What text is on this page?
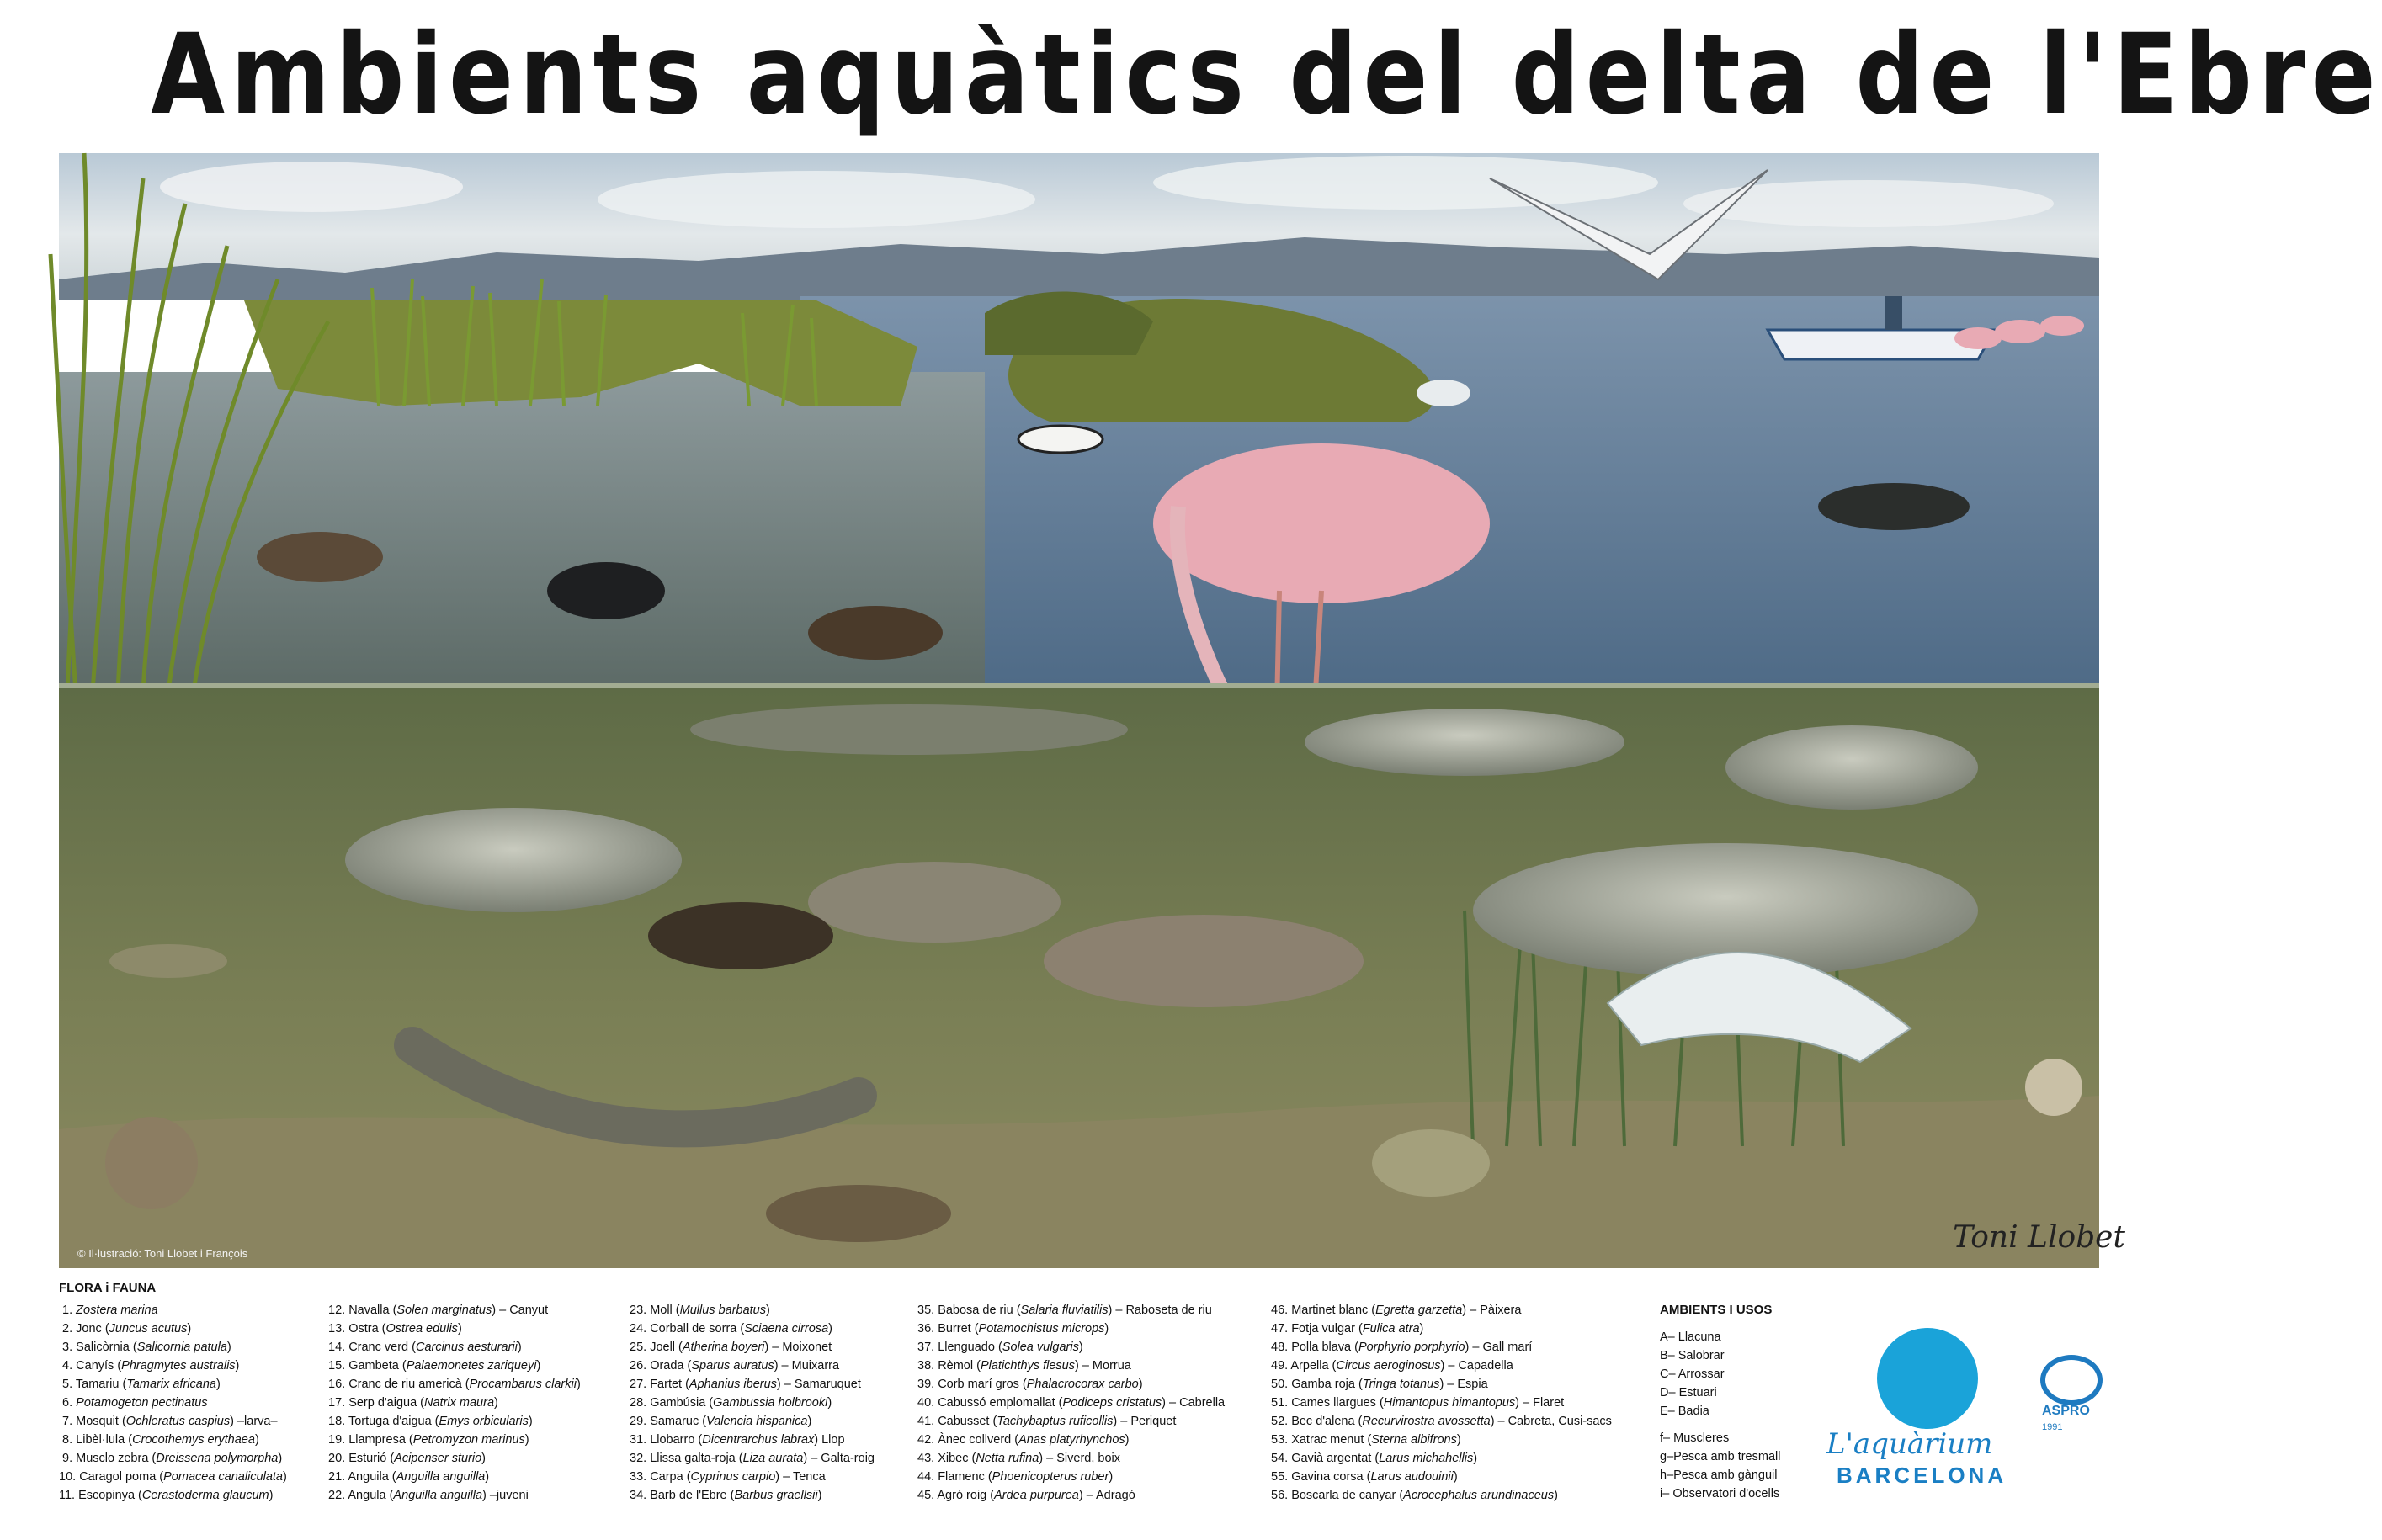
Ambients aquàtics del delta de l'Ebre
Toni Llobet
© Il·lustració: Toni Llobet i François
FLORA i FAUNA
1. Zostera marina
2. Jonc (Juncus acutus)
3. Salicòrnia (Salicornia patula)
4. Canyís (Phragmytes australis)
5. Tamariu (Tamarix africana)
6. Potamogeton pectinatus
7. Mosquit (Ochleratus caspius) –larva–
8. Libèl·lula (Crocothemys erythaea)
9. Musclo zebra (Dreissena polymorpha)
10. Caragol poma (Pomacea canaliculata)
11. Escopinya (Cerastoderma glaucum)
12. Navalla (Solen marginatus) – Canyut
13. Ostra (Ostrea edulis)
14. Cranc verd (Carcinus aesturarii)
15. Gambeta (Palaemonetes zariqueyi)
16. Cranc de riu americà (Procambarus clarkii)
17. Serp d'aigua (Natrix maura)
18. Tortuga d'aigua (Emys orbicularis)
19. Llampresa (Petromyzon marinus)
20. Esturió (Acipenser sturio)
21. Anguila (Anguilla anguilla)
22. Angula (Anguilla anguilla) –juveni
23. Moll (Mullus barbatus)
24. Corball de sorra (Sciaena cirrosa)
25. Joell (Atherina boyeri) – Moixonet
26. Orada (Sparus auratus) – Muixarra
27. Fartet (Aphanius iberus) – Samaruquet
28. Gambúsia (Gambussia holbrooki)
29. Samaruc (Valencia hispanica)
31. Llobarro (Dicentrarchus labrax) Llop
32. Llissa galta-roja (Liza aurata) – Galta-roig
33. Carpa (Cyprinus carpio) – Tenca
34. Barb de l'Ebre (Barbus graellsii)
35. Babosa de riu (Salaria fluviatilis) – Raboseta de riu
36. Burret (Potamochistus microps)
37. Llenguado (Solea vulgaris)
38. Rèmol (Platichthys flesus) – Morrua
39. Corb marí gros (Phalacrocorax carbo)
40. Cabussó emplomallat (Podiceps cristatus) – Cabrella
41. Cabusset (Tachybaptus ruficollis) – Periquet
42. Ànec collverd (Anas platyrhynchos)
43. Xibec (Netta rufina) – Siverd, boix
44. Flamenc (Phoenicopterus ruber)
45. Agró roig (Ardea purpurea) – Adragó
46. Martinet blanc (Egretta garzetta) – Pàixera
47. Fotja vulgar (Fulica atra)
48. Polla blava (Porphyrio porphyrio) – Gall marí
49. Arpella (Circus aeroginosus) – Capadella
50. Gamba roja (Tringa totanus) – Espia
51. Cames llargues (Himantopus himantopus) – Flaret
52. Bec d'alena (Recurvirostra avossetta) – Cabreta, Cusi-sacs
53. Xatrac menut (Sterna albifrons)
54. Gavià argentat (Larus michahellis)
55. Gavina corsa (Larus audouinii)
56. Boscarla de canyar (Acrocephalus arundinaceus)
AMBIENTS I USOS
A– Llacuna
B– Salobrar
C– Arrossar
D– Estuari
E– Badia
f– Muscleres
g–Pesca amb tresmall
h–Pesca amb gànguil
i– Observatori d'ocells
L'aquàrium
BARCELONA
ASPRO 1991
